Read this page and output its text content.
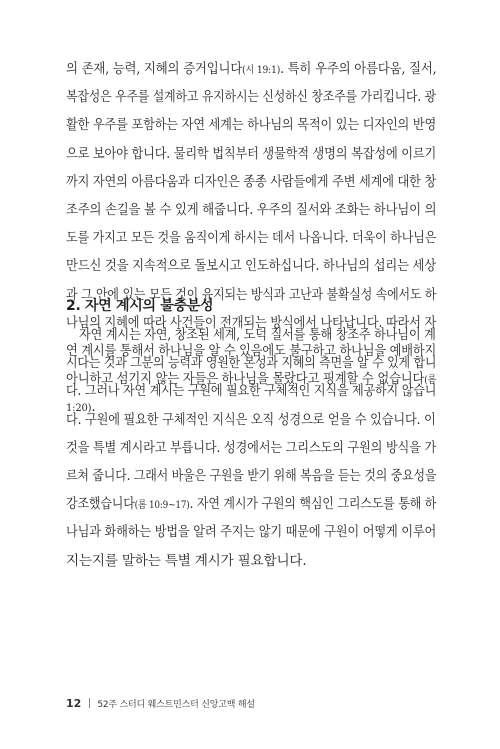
의 존재, 능력, 지혜의 증거입니다(시 19:1). 특히 우주의 아름다움, 질서,
복잡성은 우주를 설계하고 유지하시는 신성하신 창조주를 가리킵니다. 광
활한 우주를 포함하는 자연 세계는 하나님의 목적이 있는 디자인의 반영
으로 보아야 합니다. 물리학 법칙부터 생물학적 생명의 복잡성에 이르기
까지 자연의 아름다움과 디자인은 종종 사람들에게 주변 세계에 대한 창
조주의 손길을 볼 수 있게 해줍니다. 우주의 질서와 조화는 하나님이 의
도를 가지고 모든 것을 움직이게 하시는 데서 나옵니다. 더욱이 하나님은
만드신 것을 지속적으로 돌보시고 인도하십니다. 하나님의 섭리는 세상
과 그 안에 있는 모든 것이 유지되는 방식과 고난과 불확실성 속에서도 하
나님의 지혜에 따라 사건들이 전개되는 방식에서 나타납니다. 따라서 자
연 계시를 통해서 하나님을 알 수 있음에도 불구하고 하나님을 예배하지
아니하고 섬기지 않는 자들은 하나님을 몰랐다고 핑계할 수 없습니다(롬
1:20).
2. 자연 계시의 불충분성
자연 계시는 자연, 창조된 세계, 도덕 질서를 통해 창조주 하나님이 계
시다는 것과 그분의 능력과 영원한 본성과 지혜의 측면을 알 수 있게 합니
다. 그러나 자연 계시는 구원에 필요한 구체적인 지식을 제공하지 않습니
다. 구원에 필요한 구체적인 지식은 오직 성경으로 얻을 수 있습니다. 이
것을 특별 계시라고 부릅니다. 성경에서는 그리스도의 구원의 방식을 가
르쳐 줍니다. 그래서 바울은 구원을 받기 위해 복음을 듣는 것의 중요성을
강조했습니다(롬 10:9~17). 자연 계시가 구원의 핵심인 그리스도를 통해 하
나님과 화해하는 방법을 알려 주지는 않기 때문에 구원이 어떻게 이루어
지는지를 말하는 특별 계시가 필요합니다.
12 52주 스터디 웨스트민스터 신앙고백 해설
